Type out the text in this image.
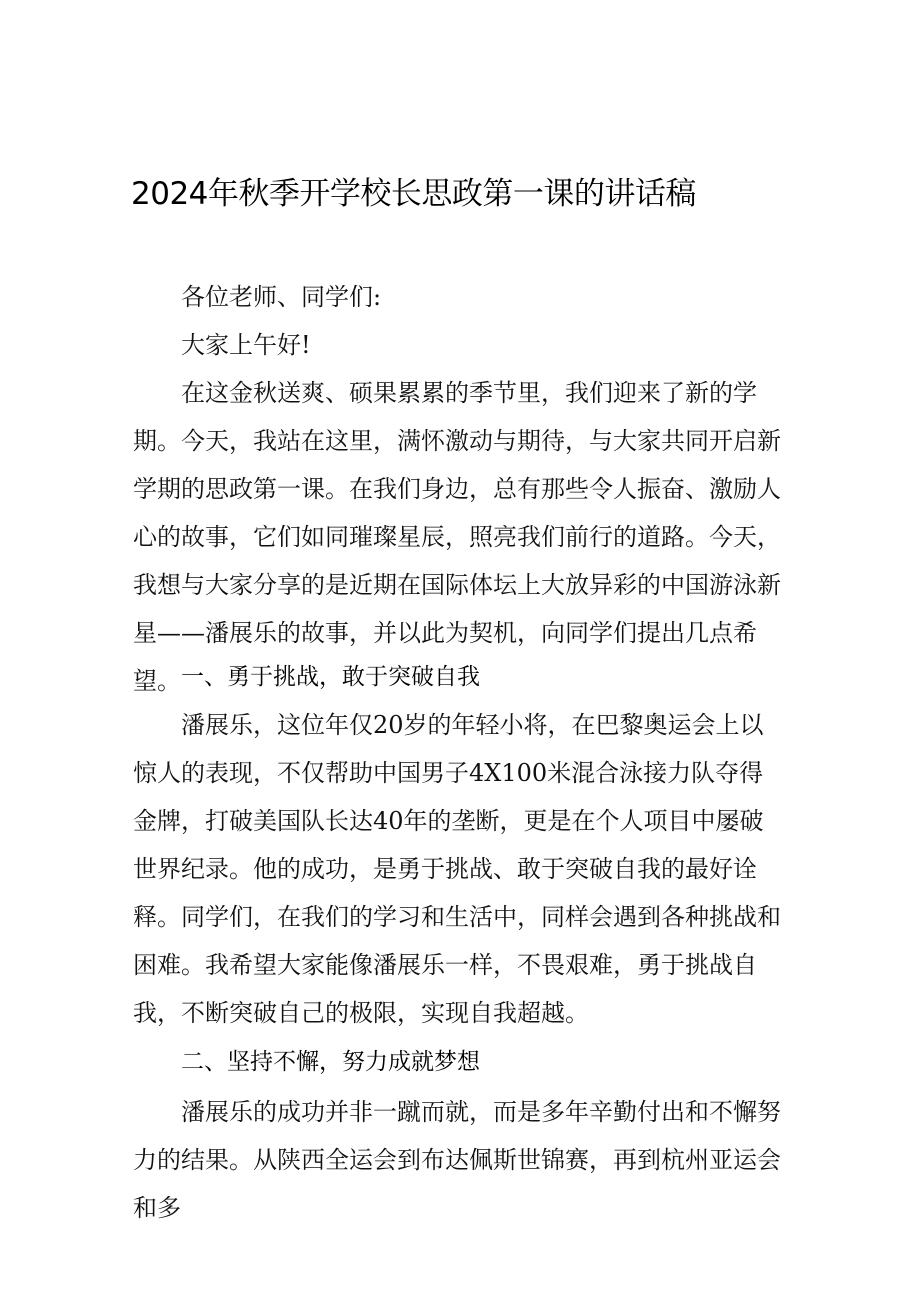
2024年秋季开学校长思政第一课的讲话稿

各位老师、同学们:

大家上午好!

在这金秋送爽、硕果累累的季节里，我们迎来了新的学期。今天，我站在这里，满怀激动与期待，与大家共同开启新学期的思政第一课。在我们身边，总有那些令人振奋、激励人心的故事，它们如同璀璨星辰，照亮我们前行的道路。今天，我想与大家分享的是近期在国际体坛上大放异彩的中国游泳新星——潘展乐的故事，并以此为契机，向同学们提出几点希望。 一、勇于挑战，敢于突破自我

潘展乐，这位年仅20岁的年轻小将，在巴黎奥运会上以惊人的表现，不仅帮助中国男子4X100米混合泳接力队夺得金牌，打破美国队长达40年的垄断，更是在个人项目中屡破世界纪录。他的成功，是勇于挑战、敢于突破自我的最好诠释。同学们，在我们的学习和生活中，同样会遇到各种挑战和困难。我希望大家能像潘展乐一样，不畏艰难，勇于挑战自我，不断突破自己的极限，实现自我超越。

二、坚持不懈，努力成就梦想

潘展乐的成功并非一蹴而就，而是多年辛勤付出和不懈努力的结果。从陕西全运会到布达佩斯世锦赛，再到杭州亚运会和多
